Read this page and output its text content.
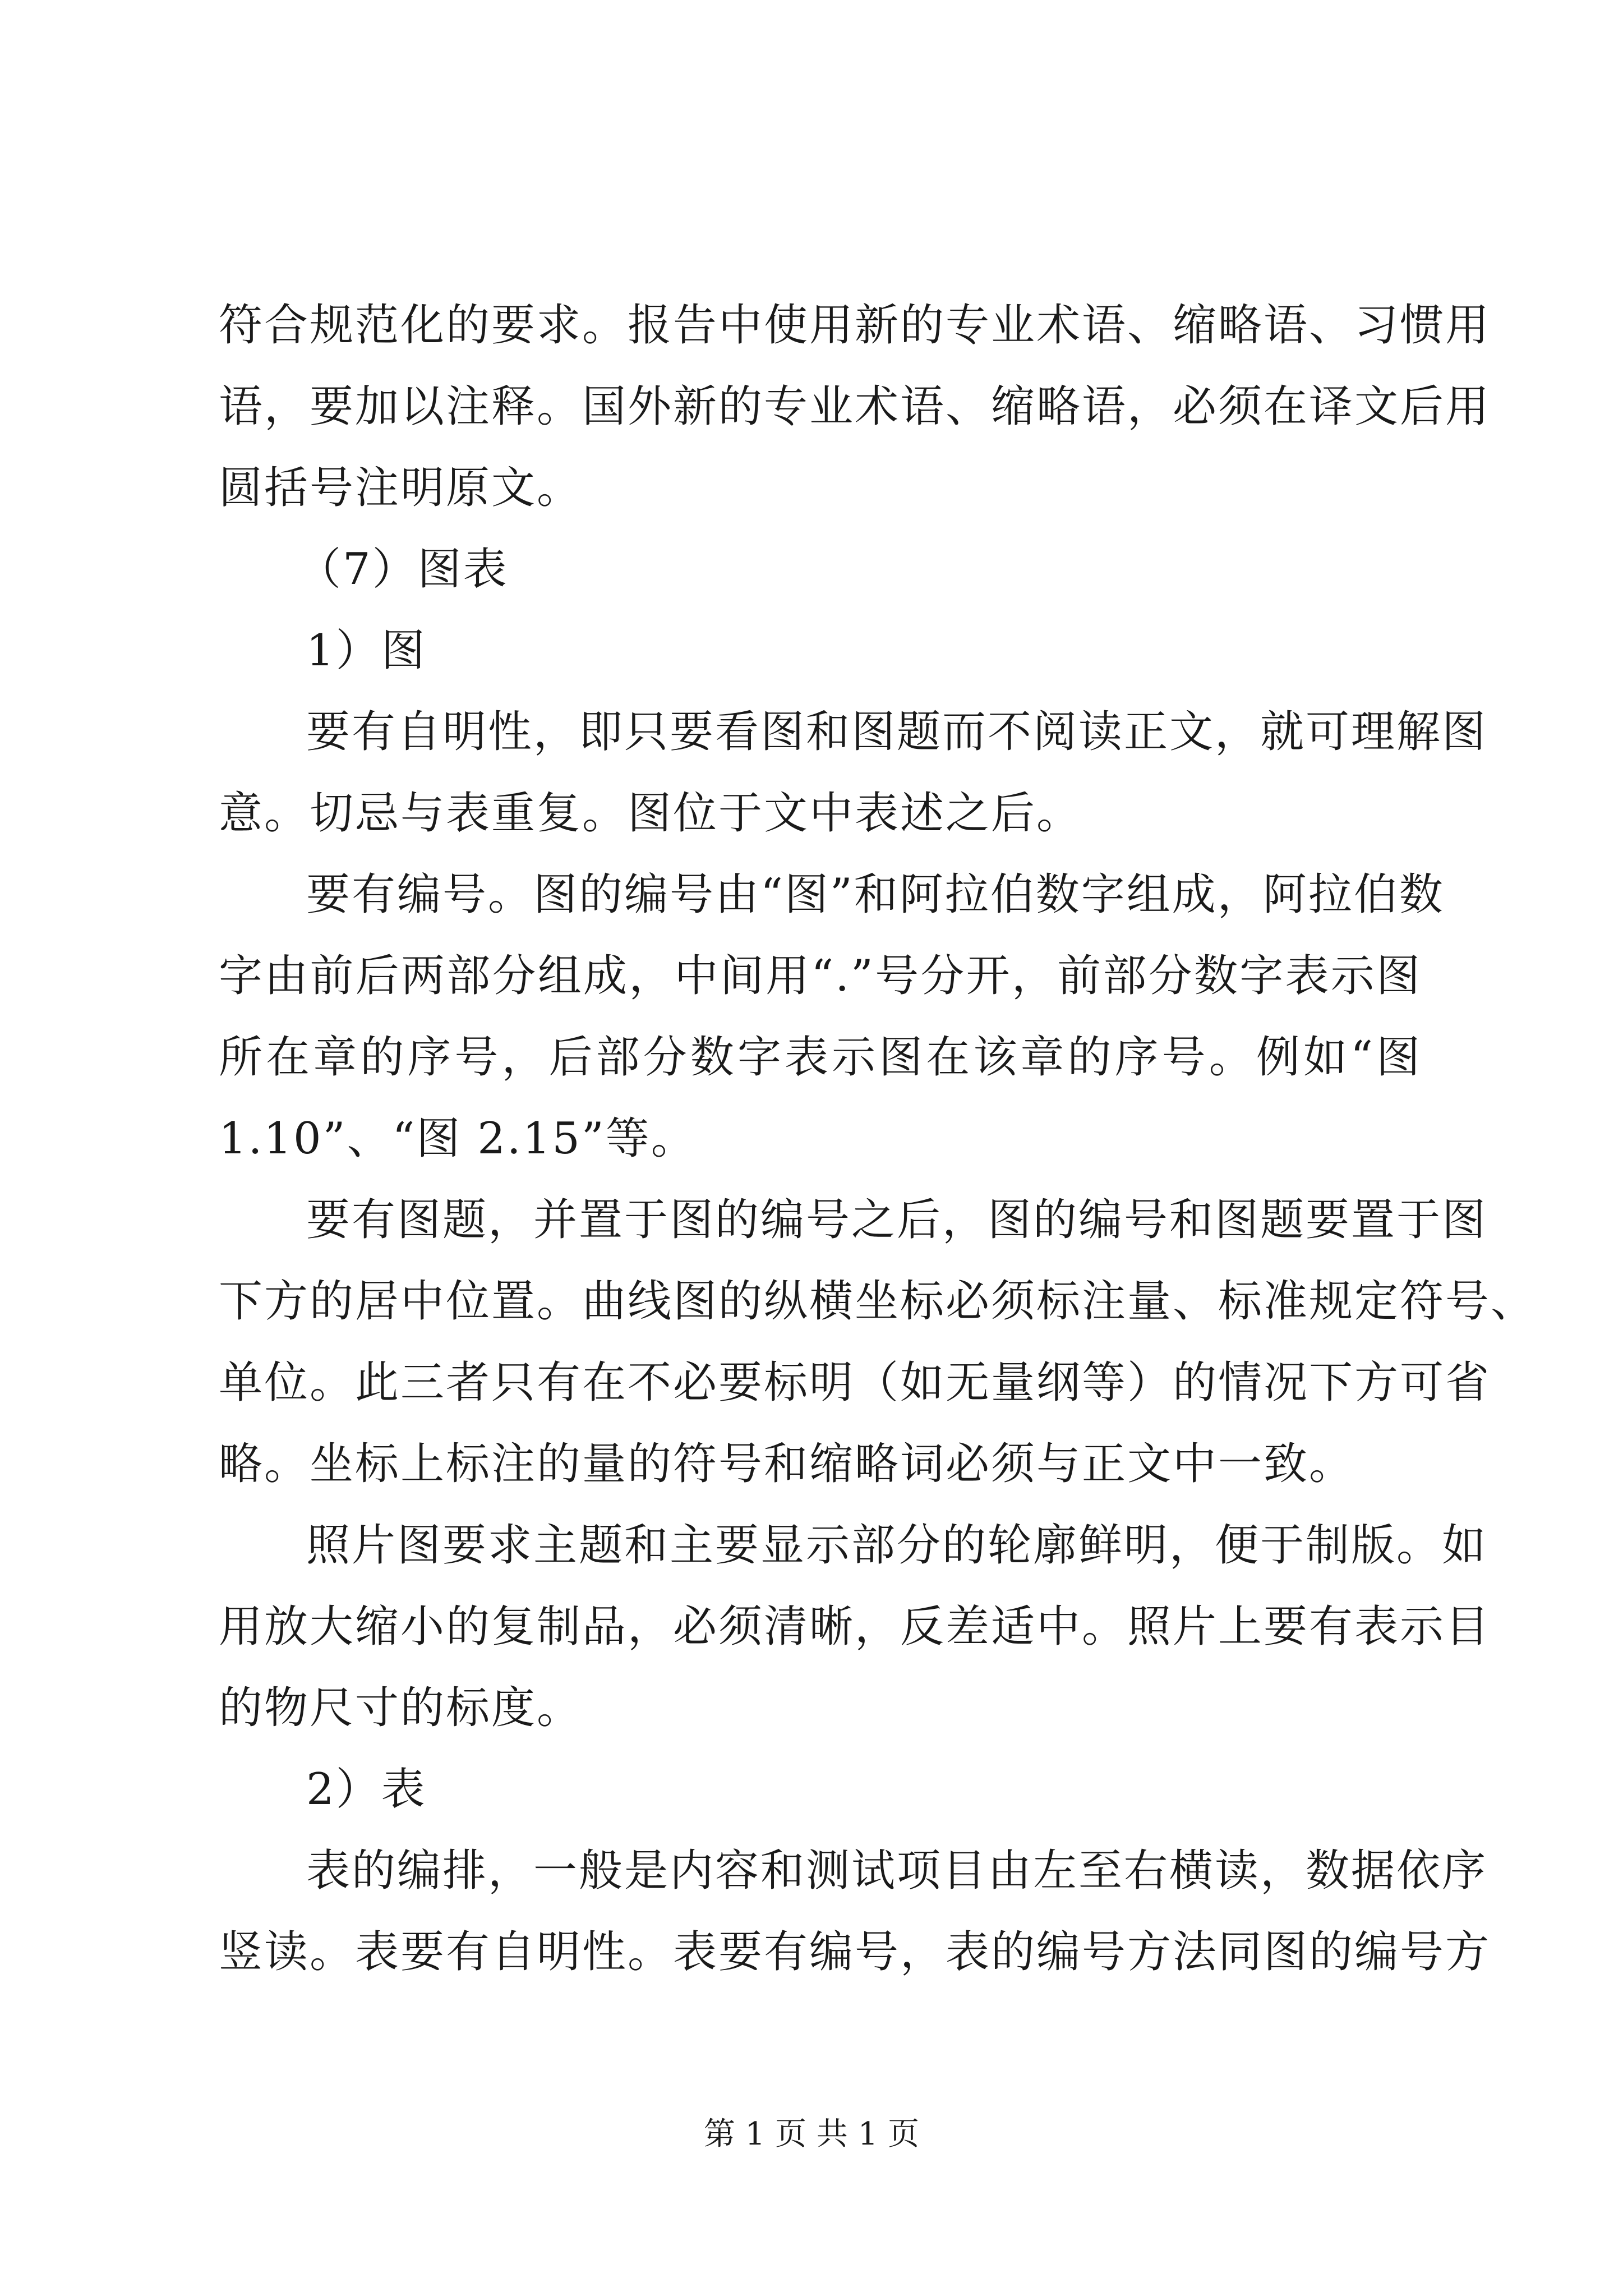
符合规范化的要求。报告中使用新的专业术语、缩略语、习惯用
语，要加以注释。国外新的专业术语、缩略语，必须在译文后用
圆括号注明原文。
（7）图表
1）图
要有自明性，即只要看图和图题而不阅读正文，就可理解图
意。切忌与表重复。图位于文中表述之后。
要有编号。图的编号由“图”和阿拉伯数字组成，阿拉伯数
字由前后两部分组成，中间用“.”号分开，前部分数字表示图
所在章的序号，后部分数字表示图在该章的序号。例如“图
1.10”、“图 2.15”等。
要有图题，并置于图的编号之后，图的编号和图题要置于图
下方的居中位置。曲线图的纵横坐标必须标注量、标准规定符号、
单位。此三者只有在不必要标明（如无量纲等）的情况下方可省
略。坐标上标注的量的符号和缩略词必须与正文中一致。
照片图要求主题和主要显示部分的轮廓鲜明，便于制版。如
用放大缩小的复制品，必须清晰，反差适中。照片上要有表示目
的物尺寸的标度。
2）表
表的编排，一般是内容和测试项目由左至右横读，数据依序
竖读。表要有自明性。表要有编号，表的编号方法同图的编号方
第 1 页 共 1 页
